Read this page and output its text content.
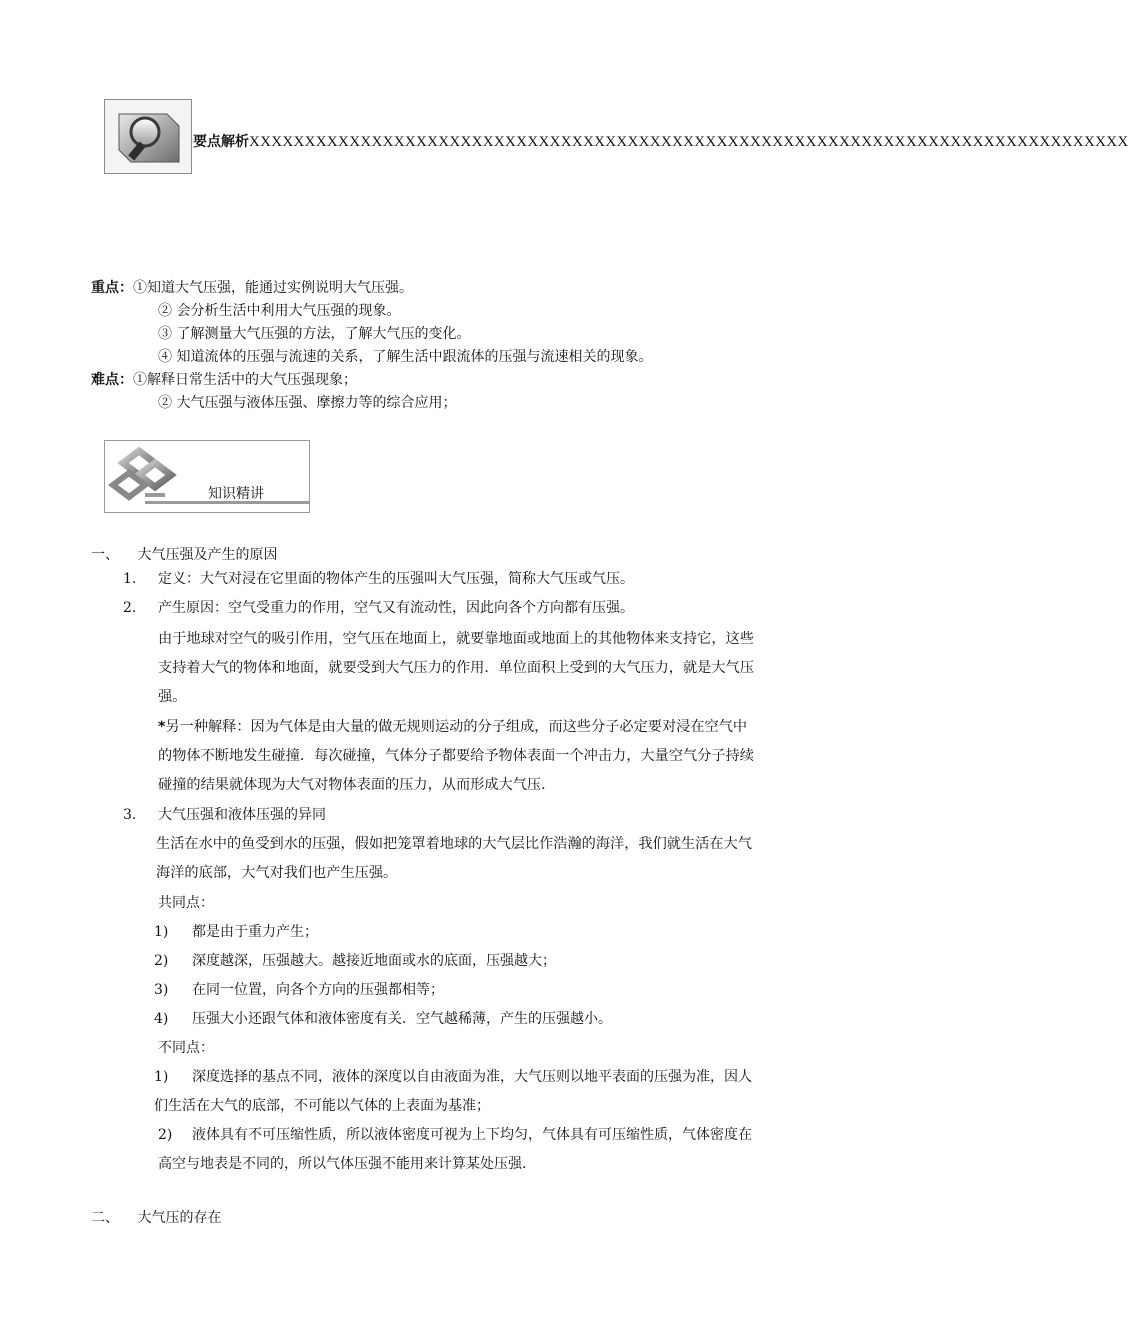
要点解析XXXXXXXXXXXXXXXXXXXXXXXXXXXXXXXXXXXXXXXXXXXXXXXXXXXXXXXXXXXXXXXXXXXXXXXXXXXXXXX
重点：①知道大气压强，能通过实例说明大气压强。
② 会分析生活中利用大气压强的现象。
③ 了解测量大气压强的方法，了解大气压的变化。
④ 知道流体的压强与流速的关系，了解生活中跟流体的压强与流速相关的现象。
难点：①解释日常生活中的大气压强现象；
② 大气压强与液体压强、摩擦力等的综合应用；
知识精讲
一、 大气压强及产生的原因
1. 定义：大气对浸在它里面的物体产生的压强叫大气压强，简称大气压或气压。
2. 产生原因：空气受重力的作用，空气又有流动性，因此向各个方向都有压强。
由于地球对空气的吸引作用，空气压在地面上，就要靠地面或地面上的其他物体来支持它，这些
支持着大气的物体和地面，就要受到大气压力的作用．单位面积上受到的大气压力，就是大气压
强。
*另一种解释：因为气体是由大量的做无规则运动的分子组成，而这些分子必定要对浸在空气中
的物体不断地发生碰撞．每次碰撞，气体分子都要给予物体表面一个冲击力，大量空气分子持续
碰撞的结果就体现为大气对物体表面的压力，从而形成大气压．
3. 大气压强和液体压强的异同
生活在水中的鱼受到水的压强，假如把笼罩着地球的大气层比作浩瀚的海洋，我们就生活在大气
海洋的底部，大气对我们也产生压强。
共同点：
1) 都是由于重力产生；
2) 深度越深，压强越大。越接近地面或水的底面，压强越大；
3) 在同一位置，向各个方向的压强都相等；
4) 压强大小还跟气体和液体密度有关．空气越稀薄，产生的压强越小。
不同点：
1) 深度选择的基点不同，液体的深度以自由液面为准，大气压则以地平表面的压强为准，因人
们生活在大气的底部，不可能以气体的上表面为基准；
2) 液体具有不可压缩性质，所以液体密度可视为上下均匀，气体具有可压缩性质，气体密度在
高空与地表是不同的，所以气体压强不能用来计算某处压强．
二、 大气压的存在
